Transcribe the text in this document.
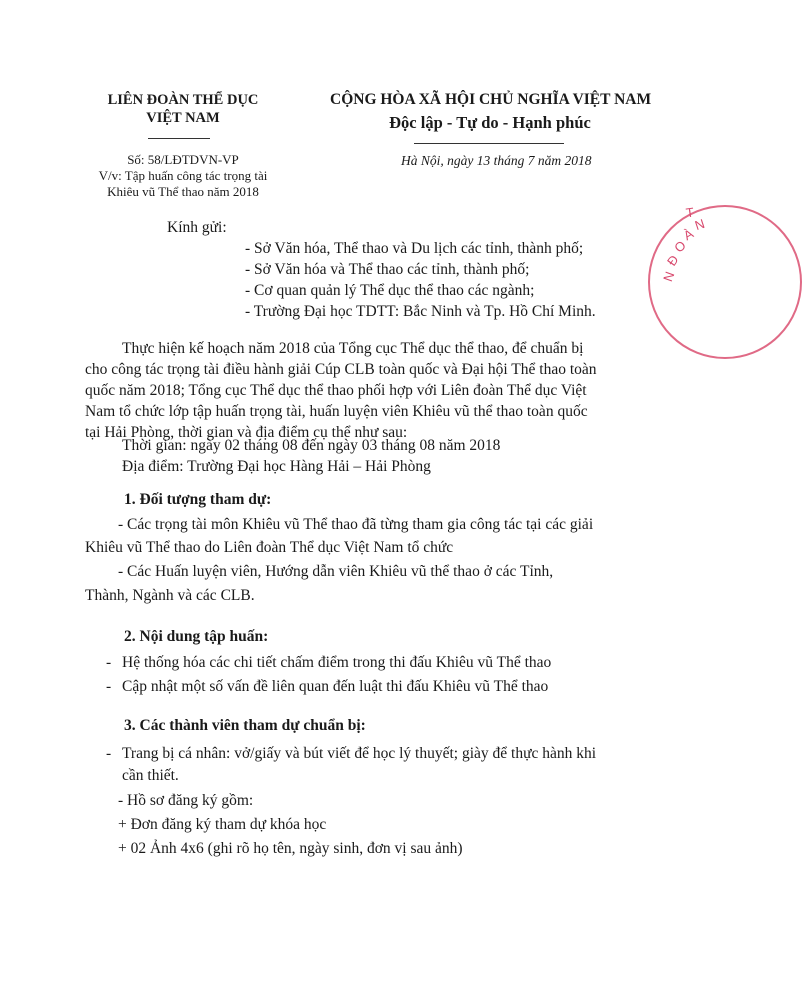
LIÊN ĐOÀN THỂ DỤC
VIỆT NAM
CỘNG HÒA XÃ HỘI CHỦ NGHĨA VIỆT NAM
Độc lập - Tự do - Hạnh phúc
Số: 58/LĐTDVN-VP
V/v: Tập huấn công tác trọng tài
Khiêu vũ Thể thao năm 2018
Hà Nội, ngày 13 tháng 7 năm 2018
N
Đ
O
À
N
T
Kính gửi:
- Sở Văn hóa, Thể thao và Du lịch các tỉnh, thành phố;
- Sở Văn hóa và Thể thao các tỉnh, thành phố;
- Cơ quan quản lý Thể dục thể thao các ngành;
- Trường Đại học TDTT: Bắc Ninh và Tp. Hồ Chí Minh.
Thực hiện kế hoạch năm 2018 của Tổng cục Thể dục thể thao, để chuẩn bị
cho công tác trọng tài điều hành giải Cúp CLB toàn quốc và Đại hội Thể thao toàn
quốc năm 2018; Tổng cục Thể dục thể thao phối hợp với Liên đoàn Thể dục Việt
Nam tổ chức lớp tập huấn trọng tài, huấn luyện viên Khiêu vũ thể thao toàn quốc
tại Hải Phòng, thời gian và địa điểm cụ thể như sau:
Thời gian: ngày 02 tháng 08 đến ngày 03 tháng 08 năm 2018
Địa điểm: Trường Đại học Hàng Hải – Hải Phòng
1. Đối tượng tham dự:
- Các trọng tài môn Khiêu vũ Thể thao đã từng tham gia công tác tại các giải
Khiêu vũ Thể thao do Liên đoàn Thể dục Việt Nam tổ chức
- Các Huấn luyện viên, Hướng dẫn viên Khiêu vũ thể thao ở các Tỉnh,
Thành, Ngành và các CLB.
2. Nội dung tập huấn:
- Hệ thống hóa các chi tiết chấm điểm trong thi đấu Khiêu vũ Thể thao
- Cập nhật một số vấn đề liên quan đến luật thi đấu Khiêu vũ Thể thao
3. Các thành viên tham dự chuẩn bị:
- Trang bị cá nhân: vở/giấy và bút viết để học lý thuyết; giày để thực hành khi
cần thiết.
- Hồ sơ đăng ký gồm:
+ Đơn đăng ký tham dự khóa học
+ 02 Ảnh 4x6 (ghi rõ họ tên, ngày sinh, đơn vị sau ảnh)
